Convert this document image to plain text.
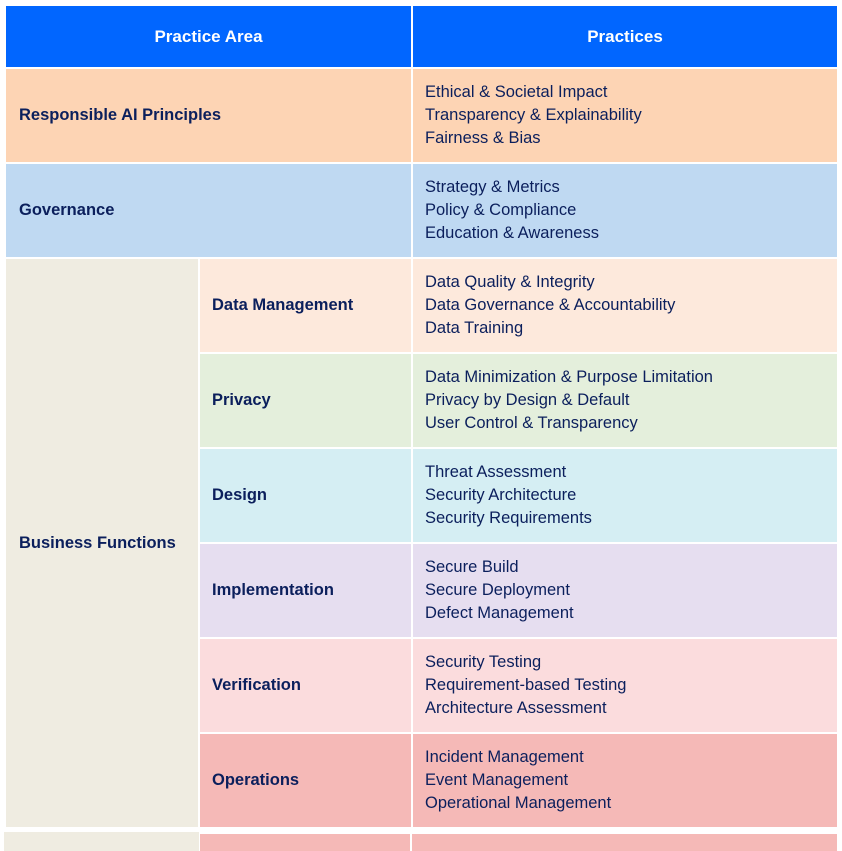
Practice Area		Practices
Responsible AI Principles		Ethical & Societal Impact
Transparency & Explainability
Fairness & Bias

Governance		Strategy & Metrics
Policy & Compliance
Education & Awareness

Business Functions	Data Management	Data Quality & Integrity
Data Governance & Accountability
Data Training

	Privacy	Data Minimization & Purpose Limitation
Privacy by Design & Default
User Control & Transparency

	Design	Threat Assessment
Security Architecture
Security Requirements

	Implementation	Secure Build
Secure Deployment
Defect Management

	Verification	Security Testing
Requirement-based Testing
Architecture Assessment

	Operations	Incident Management
Event Management
Operational Management
